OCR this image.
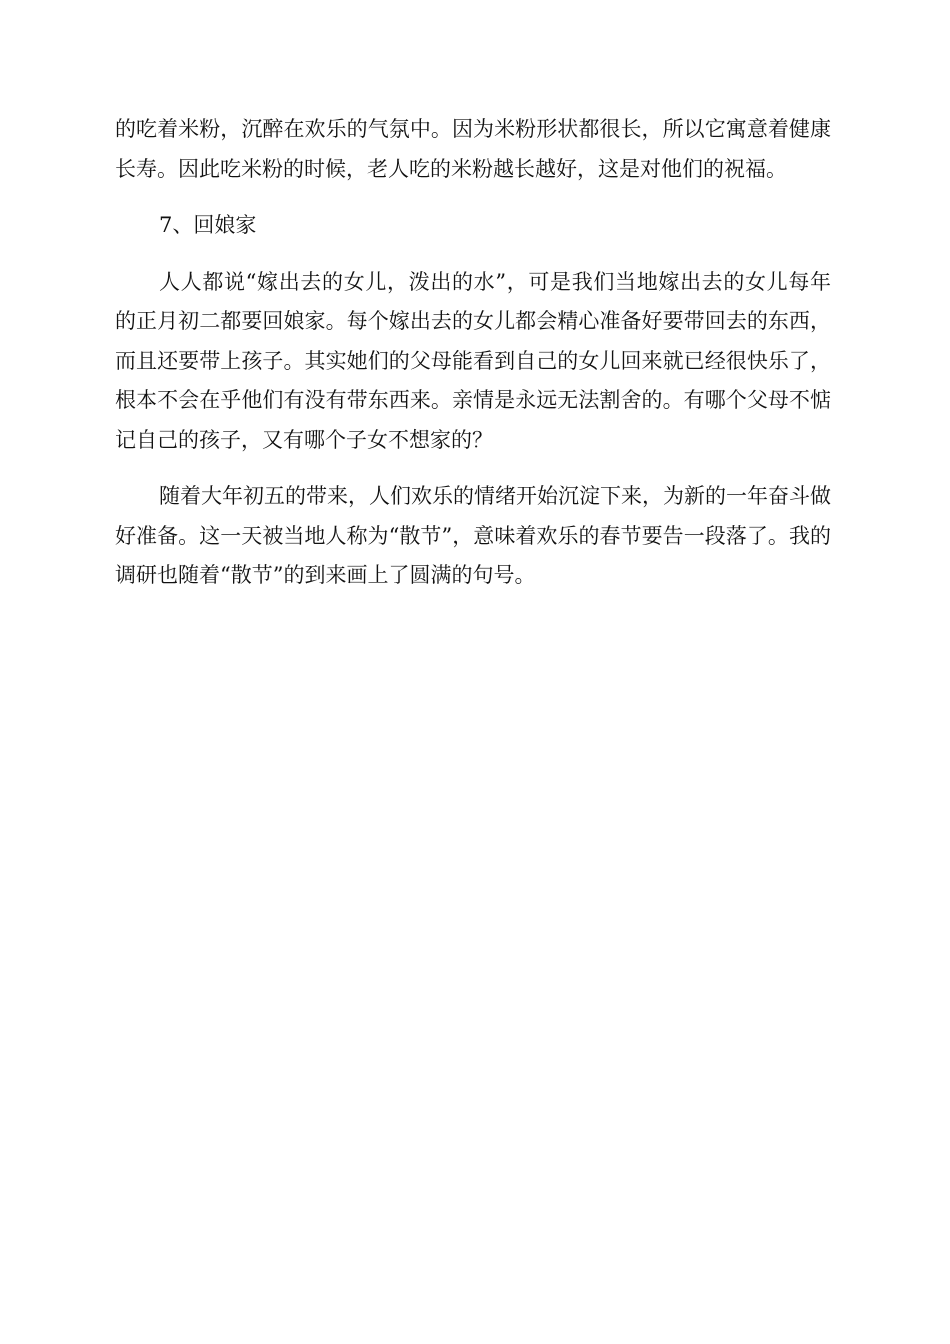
的吃着米粉，沉醉在欢乐的气氛中。因为米粉形状都很长，所以它寓意着健康长寿。因此吃米粉的时候，老人吃的米粉越长越好，这是对他们的祝福。

7、回娘家

人人都说“嫁出去的女儿，泼出的水”，可是我们当地嫁出去的女儿每年的正月初二都要回娘家。每个嫁出去的女儿都会精心准备好要带回去的东西，而且还要带上孩子。其实她们的父母能看到自己的女儿回来就已经很快乐了，根本不会在乎他们有没有带东西来。亲情是永远无法割舍的。有哪个父母不惦记自己的孩子，又有哪个子女不想家的？

随着大年初五的带来，人们欢乐的情绪开始沉淀下来，为新的一年奋斗做好准备。这一天被当地人称为“散节”，意味着欢乐的春节要告一段落了。我的调研也随着“散节”的到来画上了圆满的句号。
